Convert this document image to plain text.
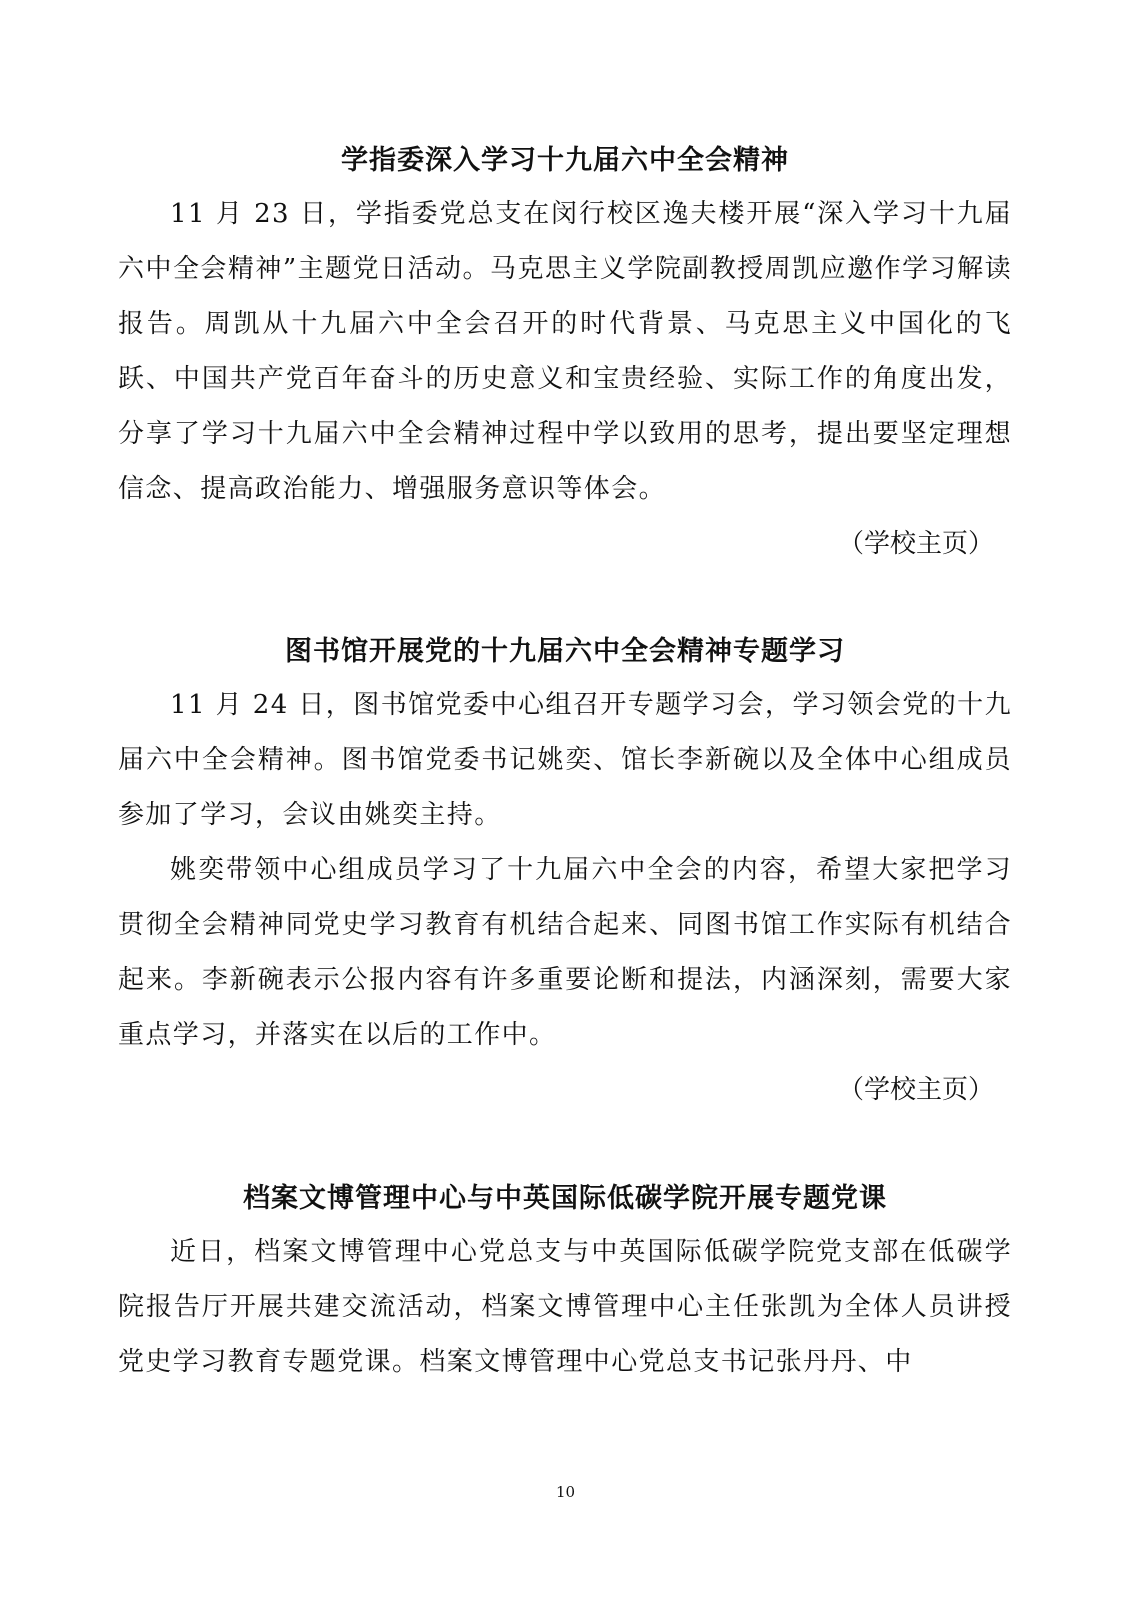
学指委深入学习十九届六中全会精神

11 月 23 日，学指委党总支在闵行校区逸夫楼开展“深入学习十九届六中全会精神”主题党日活动。马克思主义学院副教授周凯应邀作学习解读报告。周凯从十九届六中全会召开的时代背景、马克思主义中国化的飞跃、中国共产党百年奋斗的历史意义和宝贵经验、实际工作的角度出发，分享了学习十九届六中全会精神过程中学以致用的思考，提出要坚定理想信念、提高政治能力、增强服务意识等体会。

（学校主页）

图书馆开展党的十九届六中全会精神专题学习

11 月 24 日，图书馆党委中心组召开专题学习会，学习领会党的十九届六中全会精神。图书馆党委书记姚奕、馆长李新碗以及全体中心组成员参加了学习，会议由姚奕主持。

姚奕带领中心组成员学习了十九届六中全会的内容，希望大家把学习贯彻全会精神同党史学习教育有机结合起来、同图书馆工作实际有机结合起来。李新碗表示公报内容有许多重要论断和提法，内涵深刻，需要大家重点学习，并落实在以后的工作中。

（学校主页）

档案文博管理中心与中英国际低碳学院开展专题党课

近日，档案文博管理中心党总支与中英国际低碳学院党支部在低碳学院报告厅开展共建交流活动，档案文博管理中心主任张凯为全体人员讲授党史学习教育专题党课。档案文博管理中心党总支书记张丹丹、中

10
